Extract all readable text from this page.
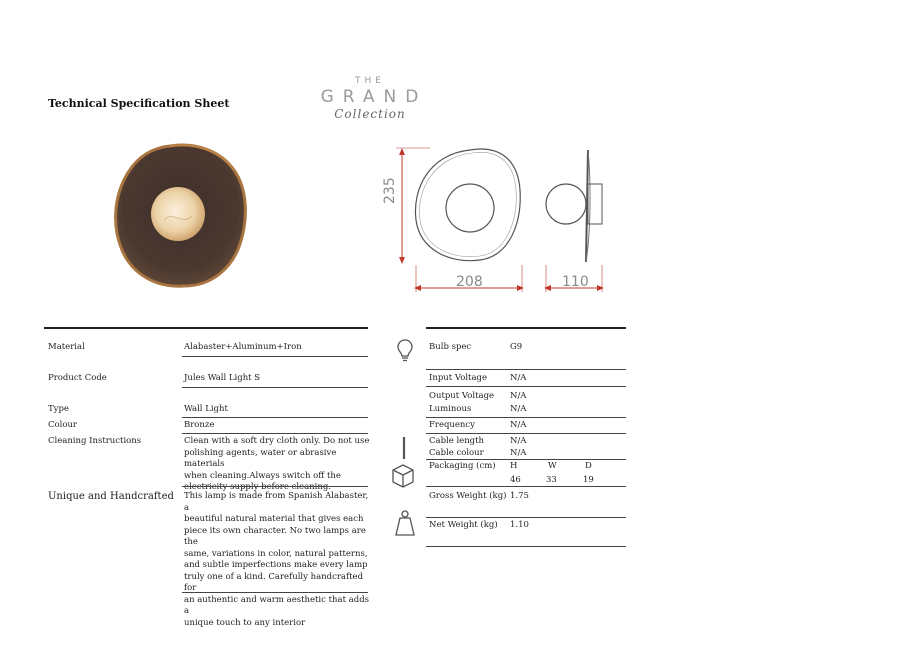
Technical Specification Sheet
THE
GRAND
Collection
235
208	110
Material	Alabaster+Aluminum+Iron
Product Code	Jules Wall Light S
Type	Wall Light
Colour	Bronze
Cleaning Instructions	Clean with a soft dry cloth only. Do not use
polishing agents, water or abrasive materials
when cleaning.Always switch off the
electricity supply before cleaning.
Unique and Handcrafted This lamp is made from Spanish Alabaster, a
beautiful natural material that gives each
piece its own character. No two lamps are the
same, variations in color, natural patterns,
and subtle imperfections make every lamp
truly one of a kind. Carefully handcrafted for
an authentic and warm aesthetic that adds a
unique touch to any interior
Bulb spec	G9
Input Voltage	N/A
Output Voltage N/A
Luminous	N/A
Frequency	N/A
Cable length	N/A
Cable colour	N/A
Packaging (cm) H	W	D
46	33	19
Gross Weight (kg) 1.75
Net Weight (kg) 1.10
